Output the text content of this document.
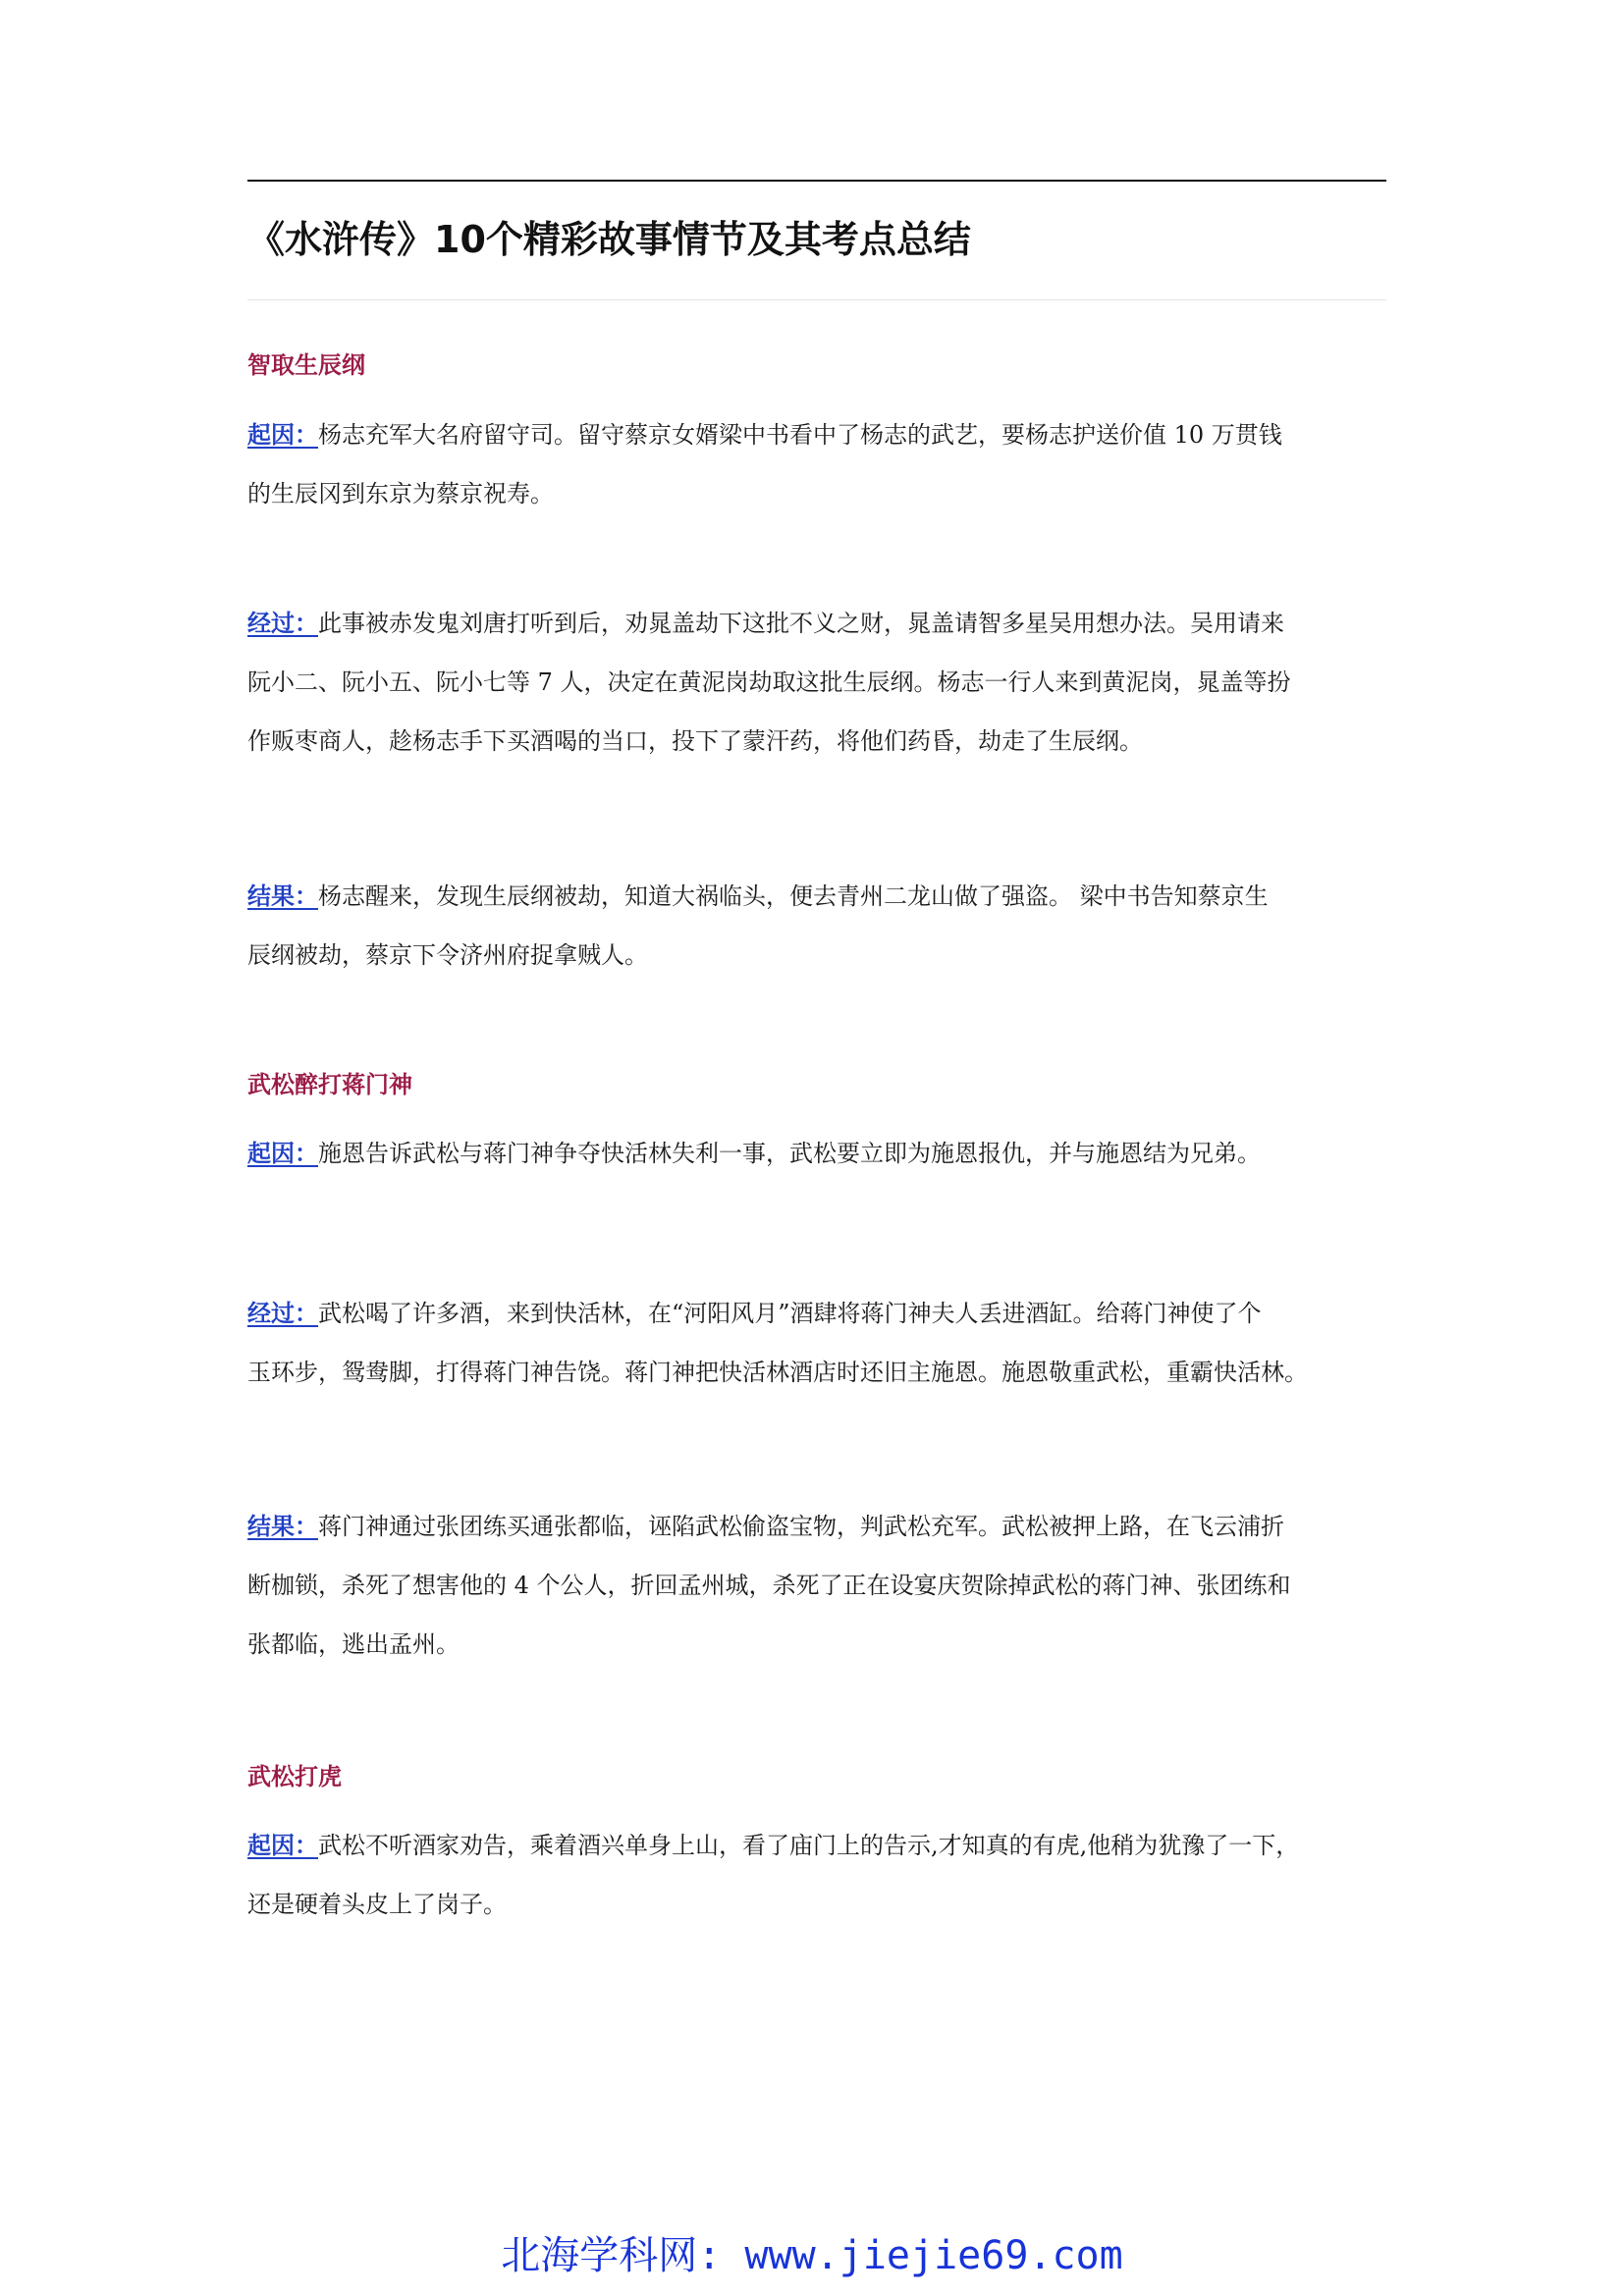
《水浒传》10个精彩故事情节及其考点总结
智取生辰纲
起因：杨志充军大名府留守司。留守蔡京女婿梁中书看中了杨志的武艺，要杨志护送价值 10 万贯钱
的生辰冈到东京为蔡京祝寿。
经过：此事被赤发鬼刘唐打听到后，劝晁盖劫下这批不义之财，晁盖请智多星吴用想办法。吴用请来
阮小二、阮小五、阮小七等 7 人，决定在黄泥岗劫取这批生辰纲。杨志一行人来到黄泥岗，晁盖等扮
作贩枣商人，趁杨志手下买酒喝的当口，投下了蒙汗药，将他们药昏，劫走了生辰纲。
结果：杨志醒来，发现生辰纲被劫，知道大祸临头，便去青州二龙山做了强盗。 梁中书告知蔡京生
辰纲被劫，蔡京下令济州府捉拿贼人。
武松醉打蒋门神
起因：施恩告诉武松与蒋门神争夺快活林失利一事，武松要立即为施恩报仇，并与施恩结为兄弟。
经过：武松喝了许多酒，来到快活林，在“河阳风月”酒肆将蒋门神夫人丢进酒缸。给蒋门神使了个
玉环步，鸳鸯脚，打得蒋门神告饶。蒋门神把快活林酒店时还旧主施恩。施恩敬重武松，重霸快活林。
结果：蒋门神通过张团练买通张都临，诬陷武松偷盗宝物，判武松充军。武松被押上路，在飞云浦折
断枷锁，杀死了想害他的 4 个公人，折回孟州城，杀死了正在设宴庆贺除掉武松的蒋门神、张团练和
张都临，逃出孟州。
武松打虎
起因：武松不听酒家劝告，乘着酒兴单身上山，看了庙门上的告示,才知真的有虎,他稍为犹豫了一下，
还是硬着头皮上了岗子。
北海学科网: www.jiejie69.com
